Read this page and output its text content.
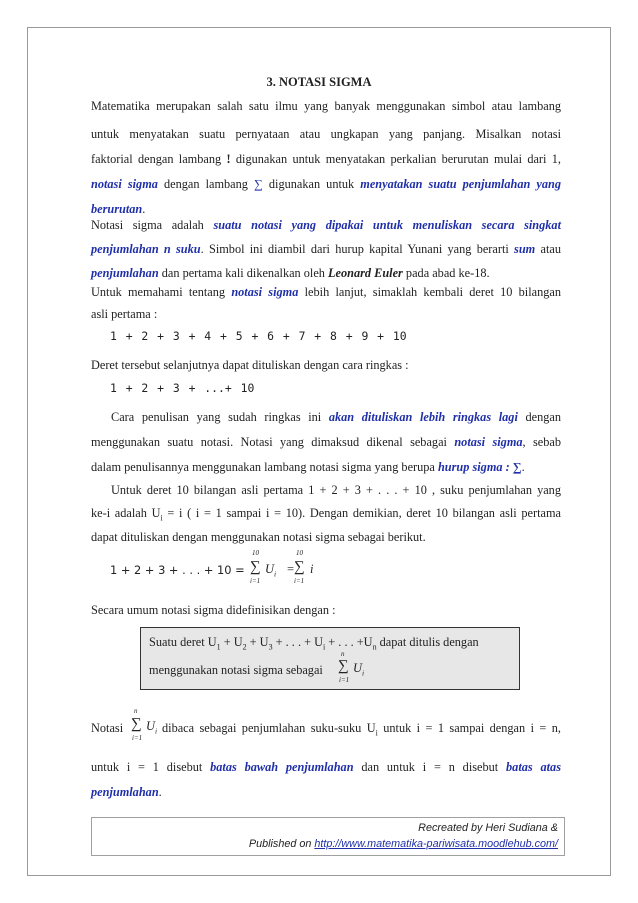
3. NOTASI SIGMA

Matematika merupakan salah satu ilmu yang banyak menggunakan simbol atau lambang

untuk menyatakan suatu pernyataan atau ungkapan yang panjang. Misalkan notasi

faktorial dengan lambang ! digunakan untuk menyatakan perkalian berurutan mulai dari 1,

notasi sigma dengan lambang ∑ digunakan untuk menyatakan suatu penjumlahan yang

berurutan.

Notasi sigma adalah suatu notasi yang dipakai untuk menuliskan secara singkat

penjumlahan n suku. Simbol ini diambil dari hurup kapital Yunani yang berarti sum atau

penjumlahan dan pertama kali dikenalkan oleh Leonard Euler pada abad ke-18.

Untuk memahami tentang notasi sigma lebih lanjut, simaklah kembali deret 10 bilangan

asli pertama :

1 + 2 + 3 + 4 + 5 + 6 + 7 + 8 + 9 + 10

Deret tersebut selanjutnya dapat dituliskan dengan cara ringkas :

1 + 2 + 3 + ...+ 10

Cara penulisan yang sudah ringkas ini akan dituliskan lebih ringkas lagi dengan

menggunakan suatu notasi. Notasi yang dimaksud dikenal sebagai notasi sigma, sebab

dalam penulisannya menggunakan lambang notasi sigma yang berupa hurup sigma : ∑.

Untuk deret 10 bilangan asli pertama 1 + 2 + 3 + . . . + 10 , suku penjumlahan yang

ke-i adalah $U_i = i$ ( i = 1 sampai i = 10). Dengan demikian, deret 10 bilangan asli pertama

dapat dituliskan dengan menggunakan notasi sigma sebagai berikut.

1 + 2 + 3 + . . . + 10 =
10
∑
i=1
$U_i$ =
10
∑
i=1
i

Secara umum notasi sigma didefinisikan dengan :

Suatu deret $U_1 + U_2 + U_3$ + . . . + $U_i$ + . . . $+U_n$ dapat ditulis dengan

menggunakan notasi sigma sebagai

n
∑
i=1
$U_i$
Notasi
n
∑
i=1
$U_i$ dibaca sebagai penjumlahan suku-suku $U_i$ untuk i = 1 sampai dengan i = n,

untuk i = 1 disebut batas bawah penjumlahan dan untuk i = n disebut batas atas

penjumlahan.

Recreated by Heri Sudiana &
Published on http://www.matematika-pariwisata.moodlehub.com/
